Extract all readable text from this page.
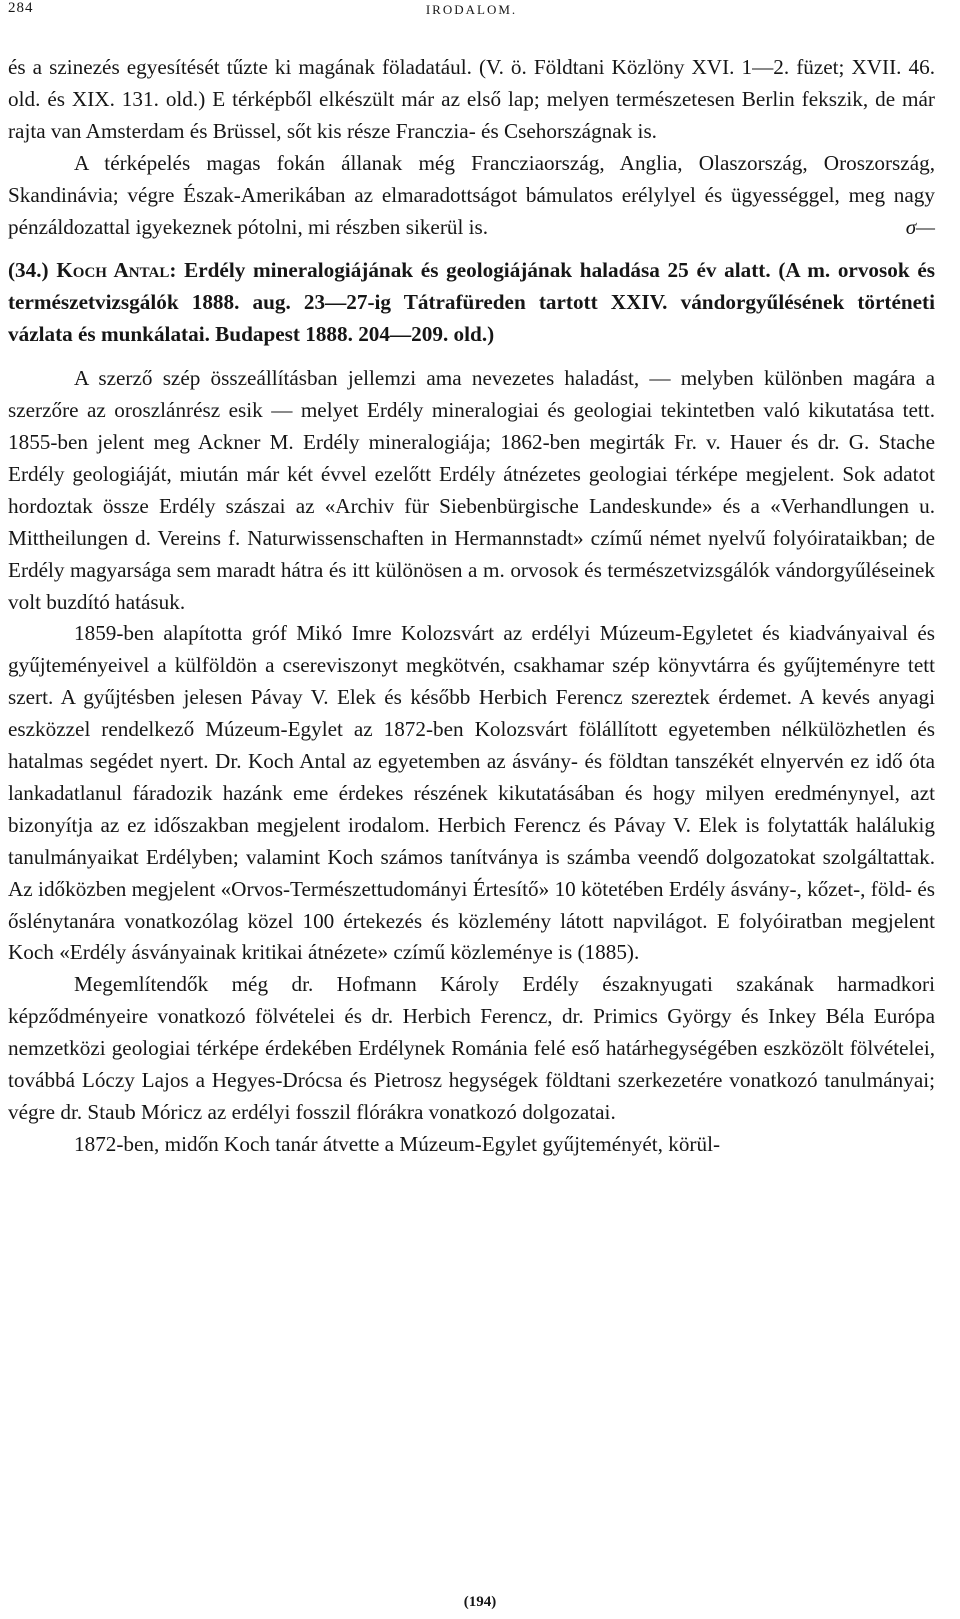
284	IRODALOM.

és a szinezés egyesítését tűzte ki magának föladatául. (V. ö. Földtani Közlöny XVI. 1—2. füzet; XVII. 46. old. és XIX. 131. old.) E térképből elkészült már az első lap; melyen természetesen Berlin fekszik, de már rajta van Amsterdam és Brüssel, sőt kis része Franczia- és Csehországnak is.

A térképelés magas fokán állanak még Francziaország, Anglia, Olaszország, Oroszország, Skandinávia; végre Észak-Amerikában az elmaradottságot bámulatos erélylyel és ügyességgel, meg nagy pénzáldozattal igyekeznek pótolni, mi részben sikerül is.	σ—

(34.) Koch Antal: Erdély mineralogiájának és geologiájának haladása 25 év alatt. (A m. orvosok és természetvizsgálók 1888. aug. 23—27-ig Tátrafüreden tartott XXIV. vándorgyűlésének történeti vázlata és munkálatai. Budapest 1888. 204—209. old.)

A szerző szép összeállításban jellemzi ama nevezetes haladást, — melyben különben magára a szerzőre az oroszlánrész esik — melyet Erdély mineralogiai és geologiai tekintetben való kikutatása tett. 1855-ben jelent meg Ackner M. Erdély mineralogiája; 1862-ben megirták Fr. v. Hauer és dr. G. Stache Erdély geologiáját, miután már két évvel ezelőtt Erdély átnézetes geologiai térképe megjelent. Sok adatot hordoztak össze Erdély szászai az «Archiv für Siebenbürgische Landeskunde» és a «Verhandlungen u. Mittheilungen d. Vereins f. Naturwissenschaften in Hermannstadt» czímű német nyelvű folyóirataikban; de Erdély magyarsága sem maradt hátra és itt különösen a m. orvosok és természetvizsgálók vándorgyűléseinek volt buzdító hatásuk.

1859-ben alapította gróf Mikó Imre Kolozsvárt az erdélyi Múzeum-Egyletet és kiadványaival és gyűjteményeivel a külföldön a csereviszonyt megkötvén, csakhamar szép könyvtárra és gyűjteményre tett szert. A gyűjtésben jelesen Pávay V. Elek és később Herbich Ferencz szereztek érdemet. A kevés anyagi eszközzel rendelkező Múzeum-Egylet az 1872-ben Kolozsvárt fölállított egyetemben nélkülözhetlen és hatalmas segédet nyert. Dr. Koch Antal az egyetemben az ásvány- és földtan tanszékét elnyervén ez idő óta lankadatlanul fáradozik hazánk eme érdekes részének kikutatásában és hogy milyen eredménynyel, azt bizonyítja az ez időszakban megjelent irodalom. Herbich Ferencz és Pávay V. Elek is folytatták halálukig tanulmányaikat Erdélyben; valamint Koch számos tanítványa is számba veendő dolgozatokat szolgáltattak. Az időközben megjelent «Orvos-Természettudományi Értesítő» 10 kötetében Erdély ásvány-, kőzet-, föld- és őslénytanára vonatkozólag közel 100 értekezés és közlemény látott napvilágot. E folyóiratban megjelent Koch «Erdély ásványainak kritikai átnézete» czímű közleménye is (1885).

Megemlítendők még dr. Hofmann Károly Erdély északnyugati szakának harmadkori képződményeire vonatkozó fölvételei és dr. Herbich Ferencz, dr. Primics György és Inkey Béla Európa nemzetközi geologiai térképe érdekében Erdélynek Románia felé eső határhegységében eszközölt fölvételei, továbbá Lóczy Lajos a Hegyes-Drócsa és Pietrosz hegységek földtani szerkezetére vonatkozó tanulmányai; végre dr. Staub Móricz az erdélyi fosszil flórákra vonatkozó dolgozatai.

1872-ben, midőn Koch tanár átvette a Múzeum-Egylet gyűjteményét, körül-

(194)
